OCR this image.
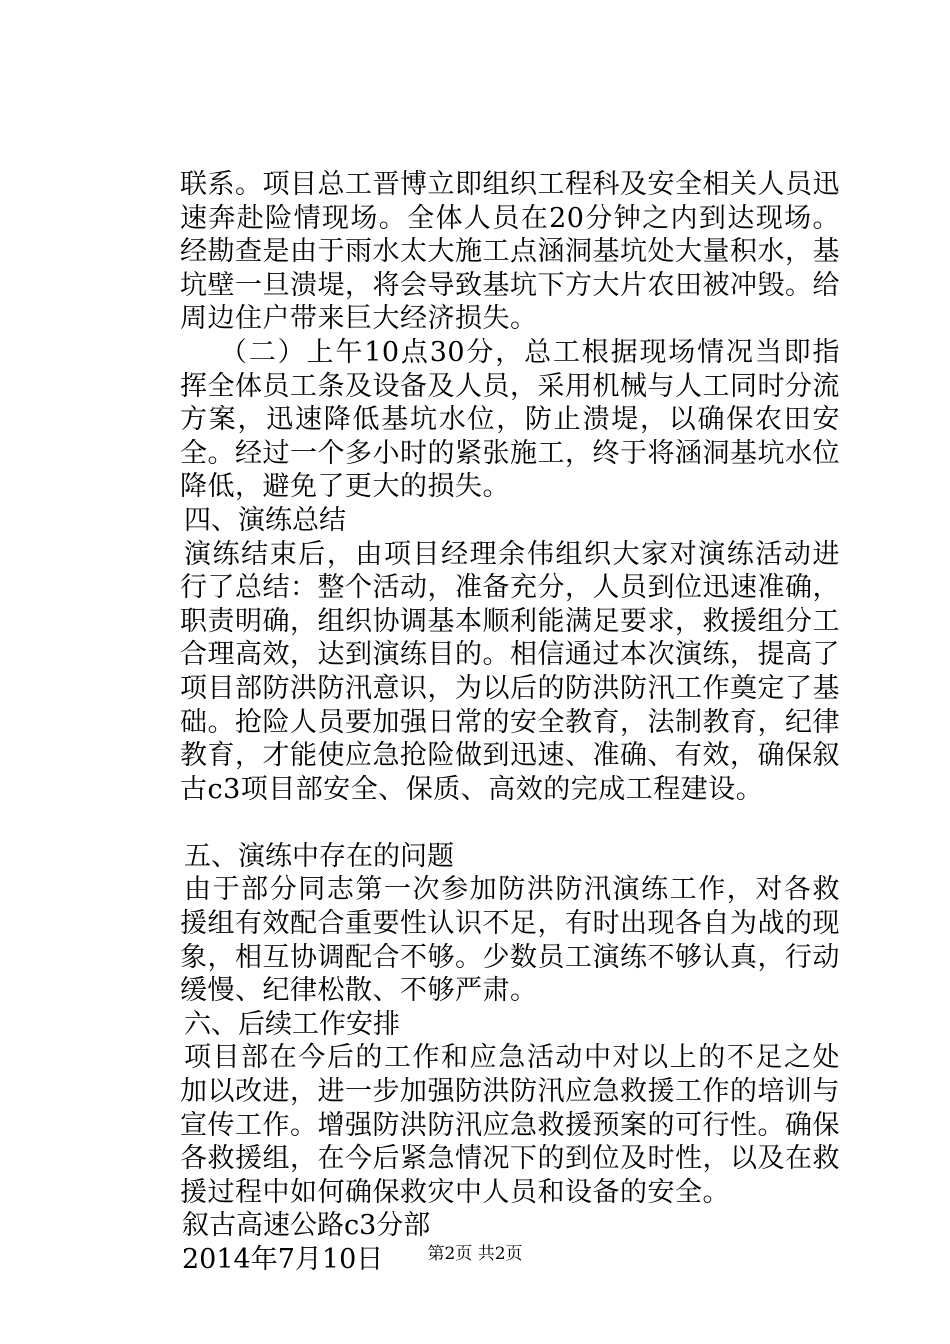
联系。项目总工晋博立即组织工程科及安全相关人员迅速奔赴险情现场。全体人员在20分钟之内到达现场。经勘查是由于雨水太大施工点涵洞基坑处大量积水，基坑壁一旦溃堤，将会导致基坑下方大片农田被冲毁。给周边住户带来巨大经济损失。

（二）上午10点30分，总工根据现场情况当即指挥全体员工条及设备及人员，采用机械与人工同时分流方案，迅速降低基坑水位，防止溃堤，以确保农田安全。经过一个多小时的紧张施工，终于将涵洞基坑水位降低，避免了更大的损失。

四、演练总结

演练结束后，由项目经理余伟组织大家对演练活动进行了总结：整个活动，准备充分，人员到位迅速准确，职责明确，组织协调基本顺利能满足要求，救援组分工合理高效，达到演练目的。相信通过本次演练，提高了项目部防洪防汛意识，为以后的防洪防汛工作奠定了基础。抢险人员要加强日常的安全教育，法制教育，纪律教育，才能使应急抢险做到迅速、准确、有效，确保叙古c3项目部安全、保质、高效的完成工程建设。

五、演练中存在的问题

由于部分同志第一次参加防洪防汛演练工作，对各救援组有效配合重要性认识不足，有时出现各自为战的现象，相互协调配合不够。少数员工演练不够认真，行动缓慢、纪律松散、不够严肃。

六、后续工作安排

项目部在今后的工作和应急活动中对以上的不足之处加以改进，进一步加强防洪防汛应急救援工作的培训与宣传工作。增强防洪防汛应急救援预案的可行性。确保各救援组，在今后紧急情况下的到位及时性，以及在救援过程中如何确保救灾中人员和设备的安全。

叙古高速公路c3分部

2014年7月10日	第2页 共2页
